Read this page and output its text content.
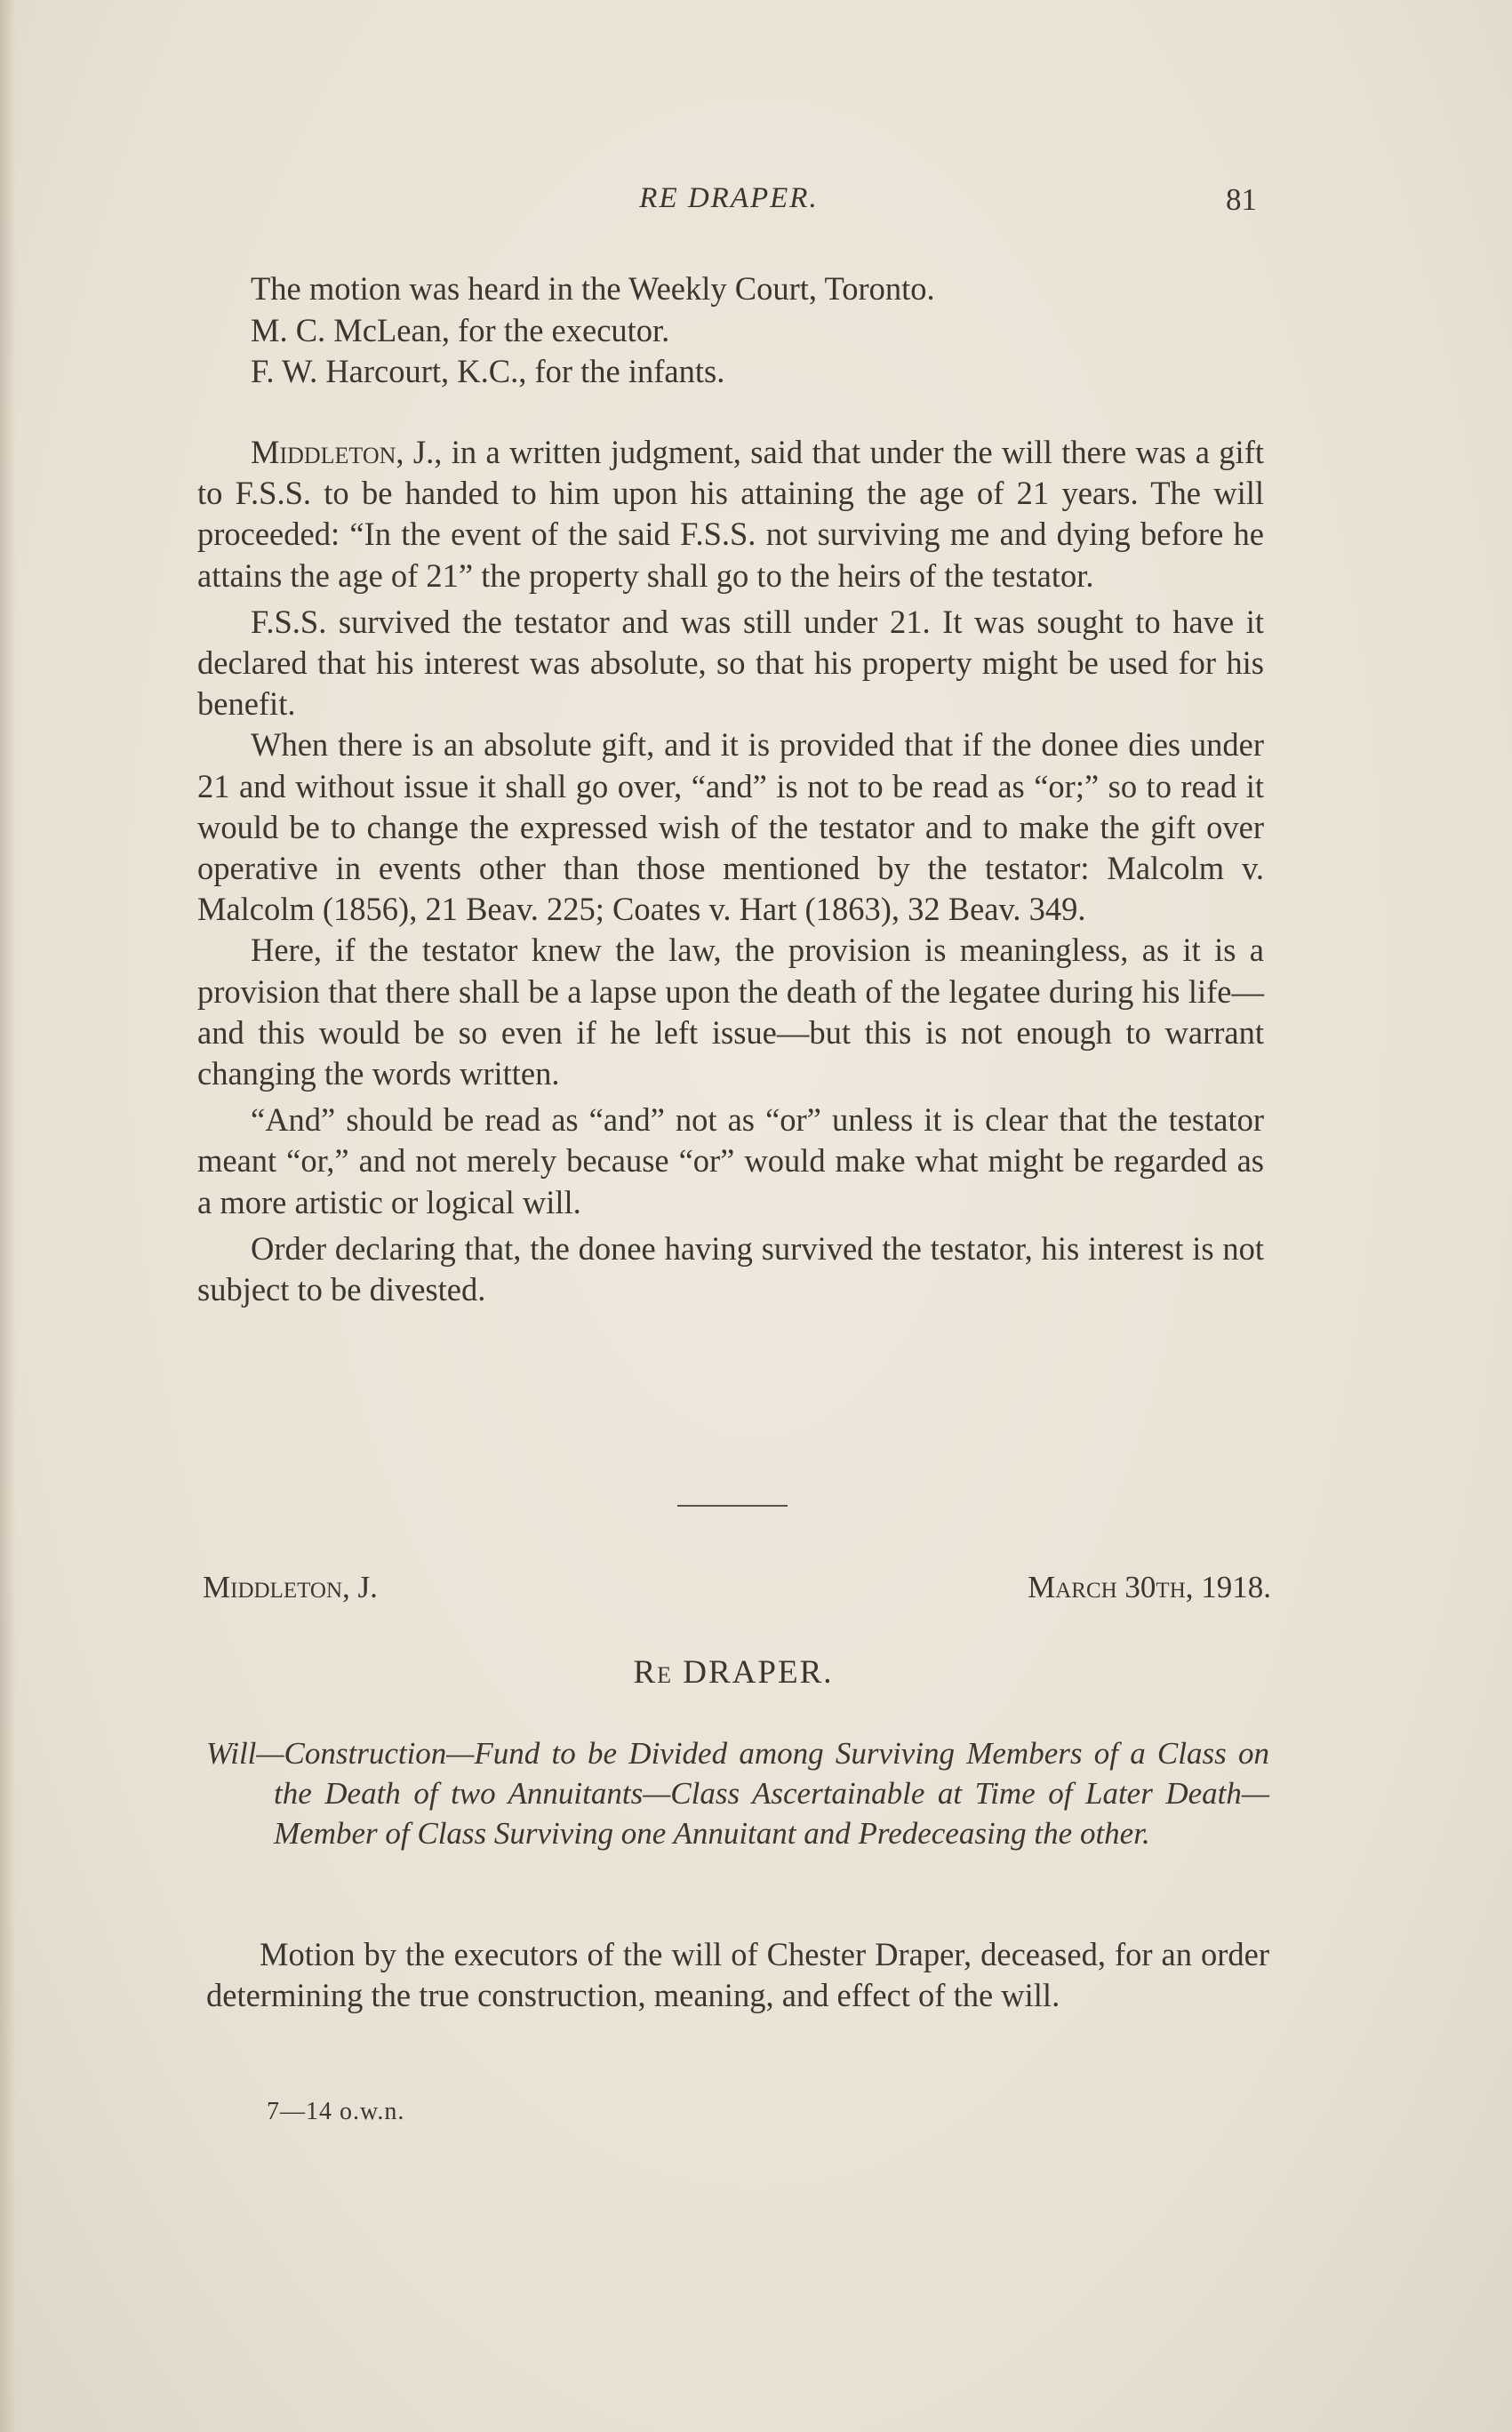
RE DRAPER.	81
The motion was heard in the Weekly Court, Toronto.
M. C. McLean, for the executor.
F. W. Harcourt, K.C., for the infants.

Middleton, J., in a written judgment, said that under the will there was a gift to F.S.S. to be handed to him upon his attaining the age of 21 years. The will proceeded: “In the event of the said F.S.S. not surviving me and dying before he attains the age of 21” the property shall go to the heirs of the testator.

F.S.S. survived the testator and was still under 21. It was sought to have it declared that his interest was absolute, so that his property might be used for his benefit.

When there is an absolute gift, and it is provided that if the donee dies under 21 and without issue it shall go over, “and” is not to be read as “or;” so to read it would be to change the expressed wish of the testator and to make the gift over operative in events other than those mentioned by the testator: Malcolm v. Malcolm (1856), 21 Beav. 225; Coates v. Hart (1863), 32 Beav. 349.

Here, if the testator knew the law, the provision is meaningless, as it is a provision that there shall be a lapse upon the death of the legatee during his life—and this would be so even if he left issue—but this is not enough to warrant changing the words written.

“And” should be read as “and” not as “or” unless it is clear that the testator meant “or,” and not merely because “or” would make what might be regarded as a more artistic or logical will.

Order declaring that, the donee having survived the testator, his interest is not subject to be divested.

Middleton, J.	March 30th, 1918.
Re DRAPER.

Will—Construction—Fund to be Divided among Surviving Members of a Class on the Death of two Annuitants—Class Ascertainable at Time of Later Death—Member of Class Surviving one Annuitant and Predeceasing the other.

Motion by the executors of the will of Chester Draper, deceased, for an order determining the true construction, meaning, and effect of the will.

7—14 o.w.n.
